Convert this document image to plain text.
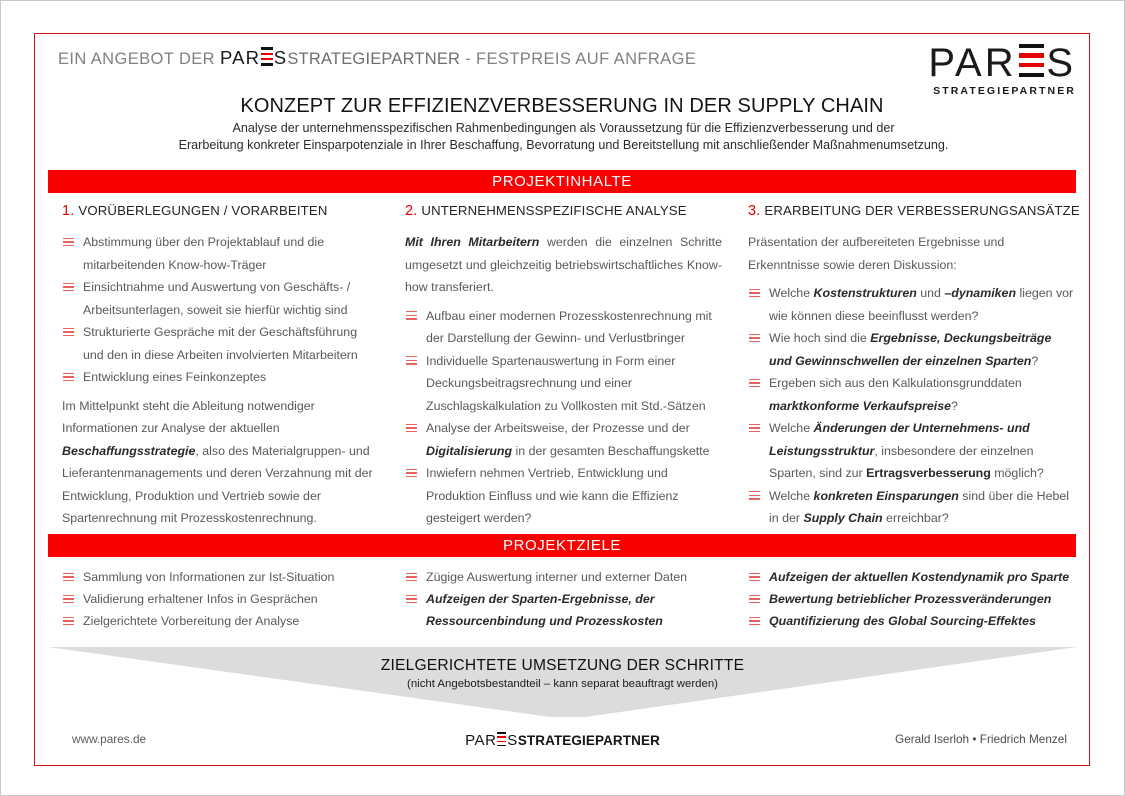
EIN ANGEBOT DER PAR SSTRATEGIEPARTNER - FESTPREIS AUF ANFRAGE	PAR S
STRATEGIEPARTNER
KONZEPT ZUR EFFIZIENZVERBESSERUNG IN DER SUPPLY CHAIN
Analyse der unternehmensspezifischen Rahmenbedingungen als Voraussetzung für die Effizienzverbesserung und der
Erarbeitung konkreter Einsparpotenziale in Ihrer Beschaffung, Bevorratung und Bereitstellung mit anschließender Maßnahmenumsetzung.
PROJEKTINHALTE
1. VORÜBERLEGUNGEN / VORARBEITEN
Abstimmung über den Projektablauf und die mitarbeitenden Know-how-Träger
Einsichtnahme und Auswertung von Geschäfts- / Arbeitsunterlagen, soweit sie hierfür wichtig sind
Strukturierte Gespräche mit der Geschäftsführung und den in diese Arbeiten involvierten Mitarbeitern
Entwicklung eines Feinkonzeptes

Im Mittelpunkt steht die Ableitung notwendiger Informationen zur Analyse der aktuellen Beschaffungsstrategie, also des Materialgruppen- und Lieferantenmanagements und deren Verzahnung mit der Entwicklung, Produktion und Vertrieb sowie der Spartenrechnung mit Prozesskostenrechnung.

2. UNTERNEHMENSSPEZIFISCHE ANALYSE

Mit Ihren Mitarbeitern werden die einzelnen Schritte umgesetzt und gleichzeitig betriebswirtschaftliches Know-how transferiert.

Aufbau einer modernen Prozesskostenrechnung mit der Darstellung der Gewinn- und Verlustbringer
Individuelle Spartenauswertung in Form einer Deckungsbeitragsrechnung und einer Zuschlagskalkulation zu Vollkosten mit Std.-Sätzen
Analyse der Arbeitsweise, der Prozesse und der Digitalisierung in der gesamten Beschaffungskette
Inwiefern nehmen Vertrieb, Entwicklung und Produktion Einfluss und wie kann die Effizienz gesteigert werden?
3. ERARBEITUNG DER VERBESSERUNGSANSÄTZE

Präsentation der aufbereiteten Ergebnisse und Erkenntnisse sowie deren Diskussion:

Welche Kostenstrukturen und –dynamiken liegen vor wie können diese beeinflusst werden?
Wie hoch sind die Ergebnisse, Deckungsbeiträge und Gewinnschwellen der einzelnen Sparten?
Ergeben sich aus den Kalkulationsgrunddaten marktkonforme Verkaufspreise?
Welche Änderungen der Unternehmens- und Leistungsstruktur, insbesondere der einzelnen Sparten, sind zur Ertragsverbesserung möglich?
Welche konkreten Einsparungen sind über die Hebel in der Supply Chain erreichbar?
PROJEKTZIELE
Sammlung von Informationen zur Ist-Situation
Validierung erhaltener Infos in Gesprächen
Zielgerichtete Vorbereitung der Analyse
Zügige Auswertung interner und externer Daten
Aufzeigen der Sparten-Ergebnisse, der Ressourcenbindung und Prozesskosten
Aufzeigen der aktuellen Kostendynamik pro Sparte
Bewertung betrieblicher Prozessveränderungen
Quantifizierung des Global Sourcing-Effektes
ZIELGERICHTETE UMSETZUNG DER SCHRITTE
(nicht Angebotsbestandteil – kann separat beauftragt werden)
www.pares.de	PAR SSTRATEGIEPARTNER	Gerald Iserloh • Friedrich Menzel
